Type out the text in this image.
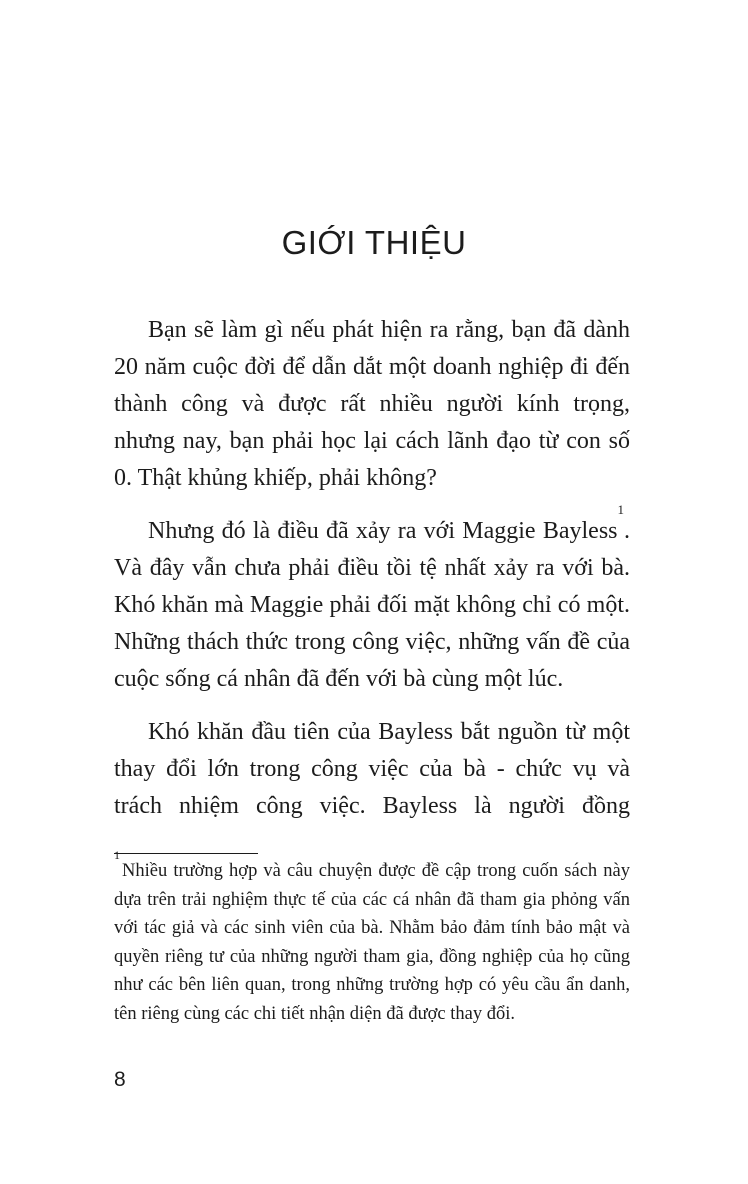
GIỚI THIỆU

Bạn sẽ làm gì nếu phát hiện ra rằng, bạn đã dành 20 năm cuộc đời để dẫn dắt một doanh nghiệp đi đến thành công và được rất nhiều người kính trọng, nhưng nay, bạn phải học lại cách lãnh đạo từ con số 0. Thật khủng khiếp, phải không?

Nhưng đó là điều đã xảy ra với Maggie Bayless$^1$. Và đây vẫn chưa phải điều tồi tệ nhất xảy ra với bà. Khó khăn mà Maggie phải đối mặt không chỉ có một. Những thách thức trong công việc, những vấn đề của cuộc sống cá nhân đã đến với bà cùng một lúc.

Khó khăn đầu tiên của Bayless bắt nguồn từ một thay đổi lớn trong công việc của bà - chức vụ và trách nhiệm công việc. Bayless là người đồng

$^1$Nhiều trường hợp và câu chuyện được đề cập trong cuốn sách này dựa trên trải nghiệm thực tế của các cá nhân đã tham gia phỏng vấn với tác giả và các sinh viên của bà. Nhằm bảo đảm tính bảo mật và quyền riêng tư của những người tham gia, đồng nghiệp của họ cũng như các bên liên quan, trong những trường hợp có yêu cầu ẩn danh, tên riêng cùng các chi tiết nhận diện đã được thay đổi.

8
